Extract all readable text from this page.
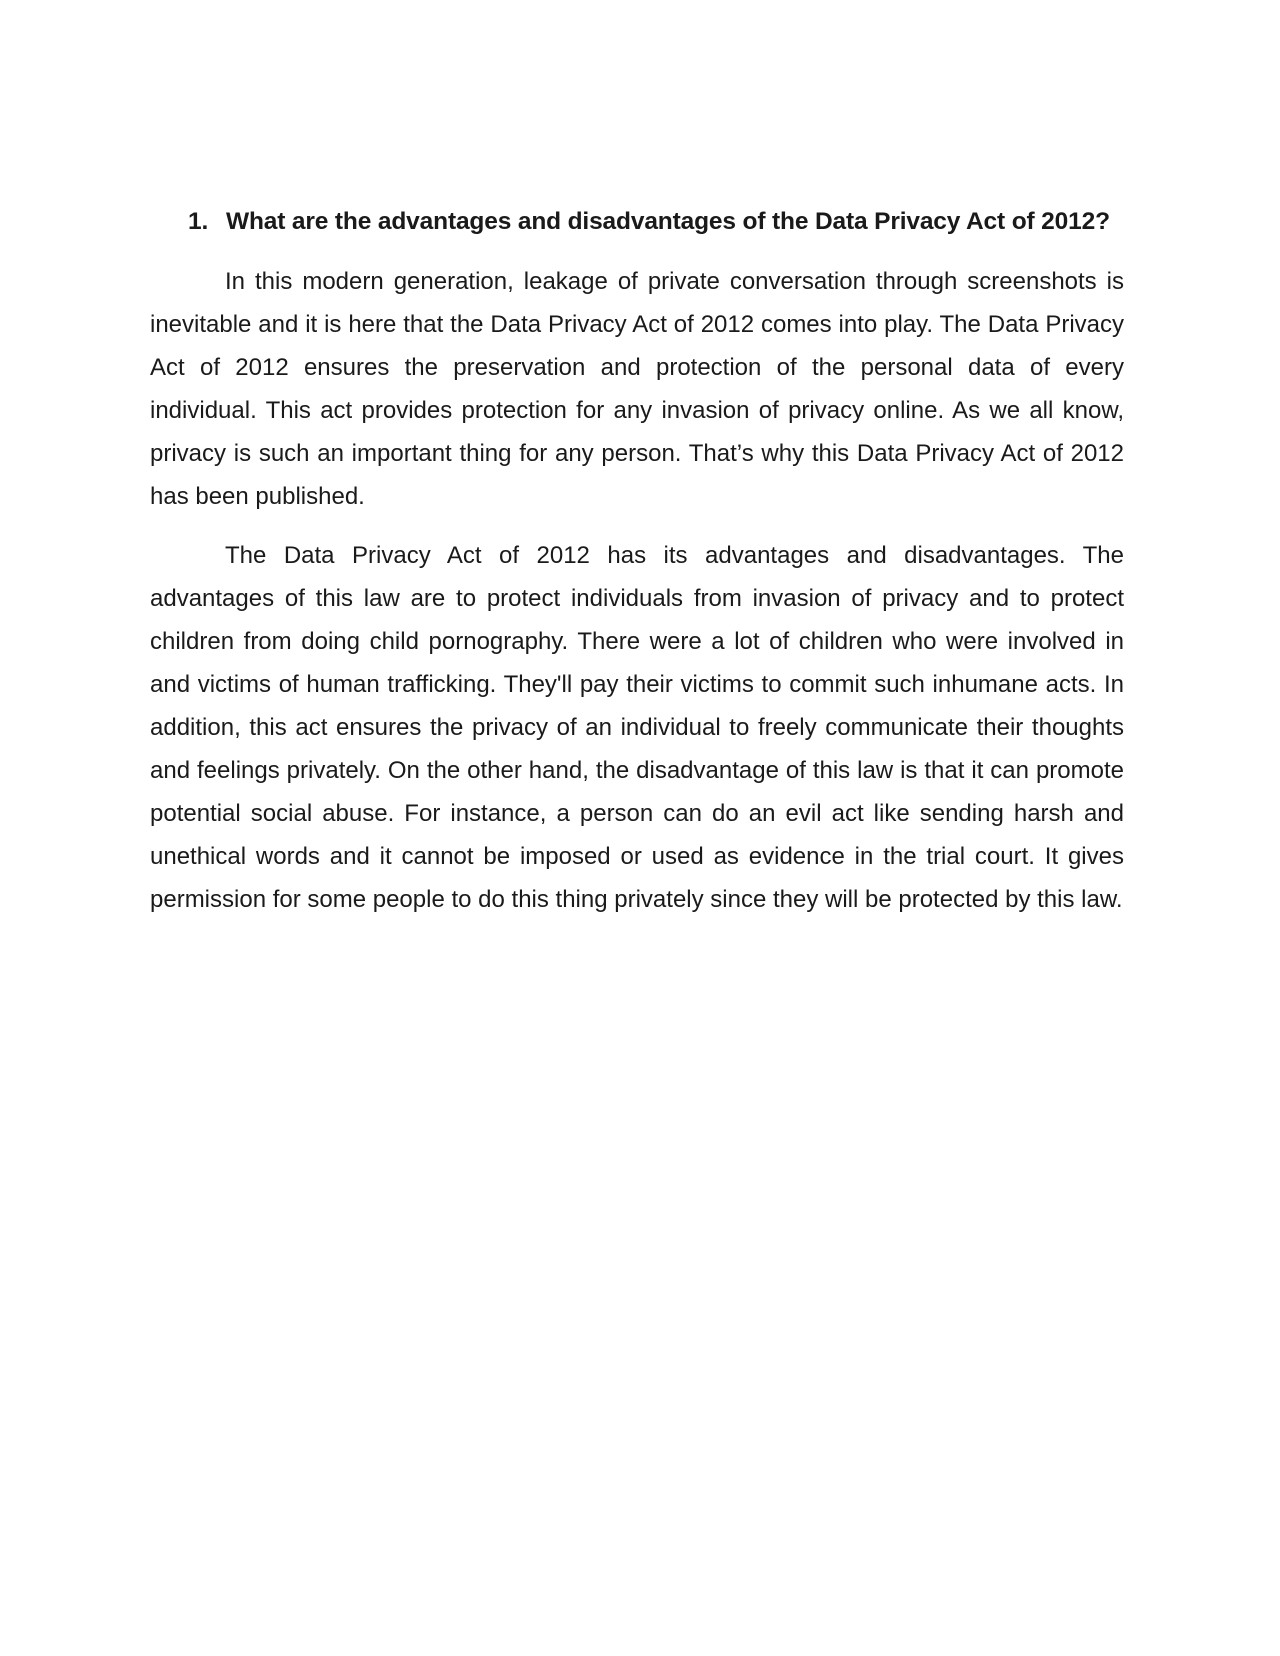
1. What are the advantages and disadvantages of the Data Privacy Act of 2012?

In this modern generation, leakage of private conversation through screenshots is inevitable and it is here that the Data Privacy Act of 2012 comes into play. The Data Privacy Act of 2012 ensures the preservation and protection of the personal data of every individual. This act provides protection for any invasion of privacy online. As we all know, privacy is such an important thing for any person. That’s why this Data Privacy Act of 2012 has been published.

The Data Privacy Act of 2012 has its advantages and disadvantages. The advantages of this law are to protect individuals from invasion of privacy and to protect children from doing child pornography. There were a lot of children who were involved in and victims of human trafficking. They'll pay their victims to commit such inhumane acts. In addition, this act ensures the privacy of an individual to freely communicate their thoughts and feelings privately. On the other hand, the disadvantage of this law is that it can promote potential social abuse. For instance, a person can do an evil act like sending harsh and unethical words and it cannot be imposed or used as evidence in the trial court. It gives permission for some people to do this thing privately since they will be protected by this law.
